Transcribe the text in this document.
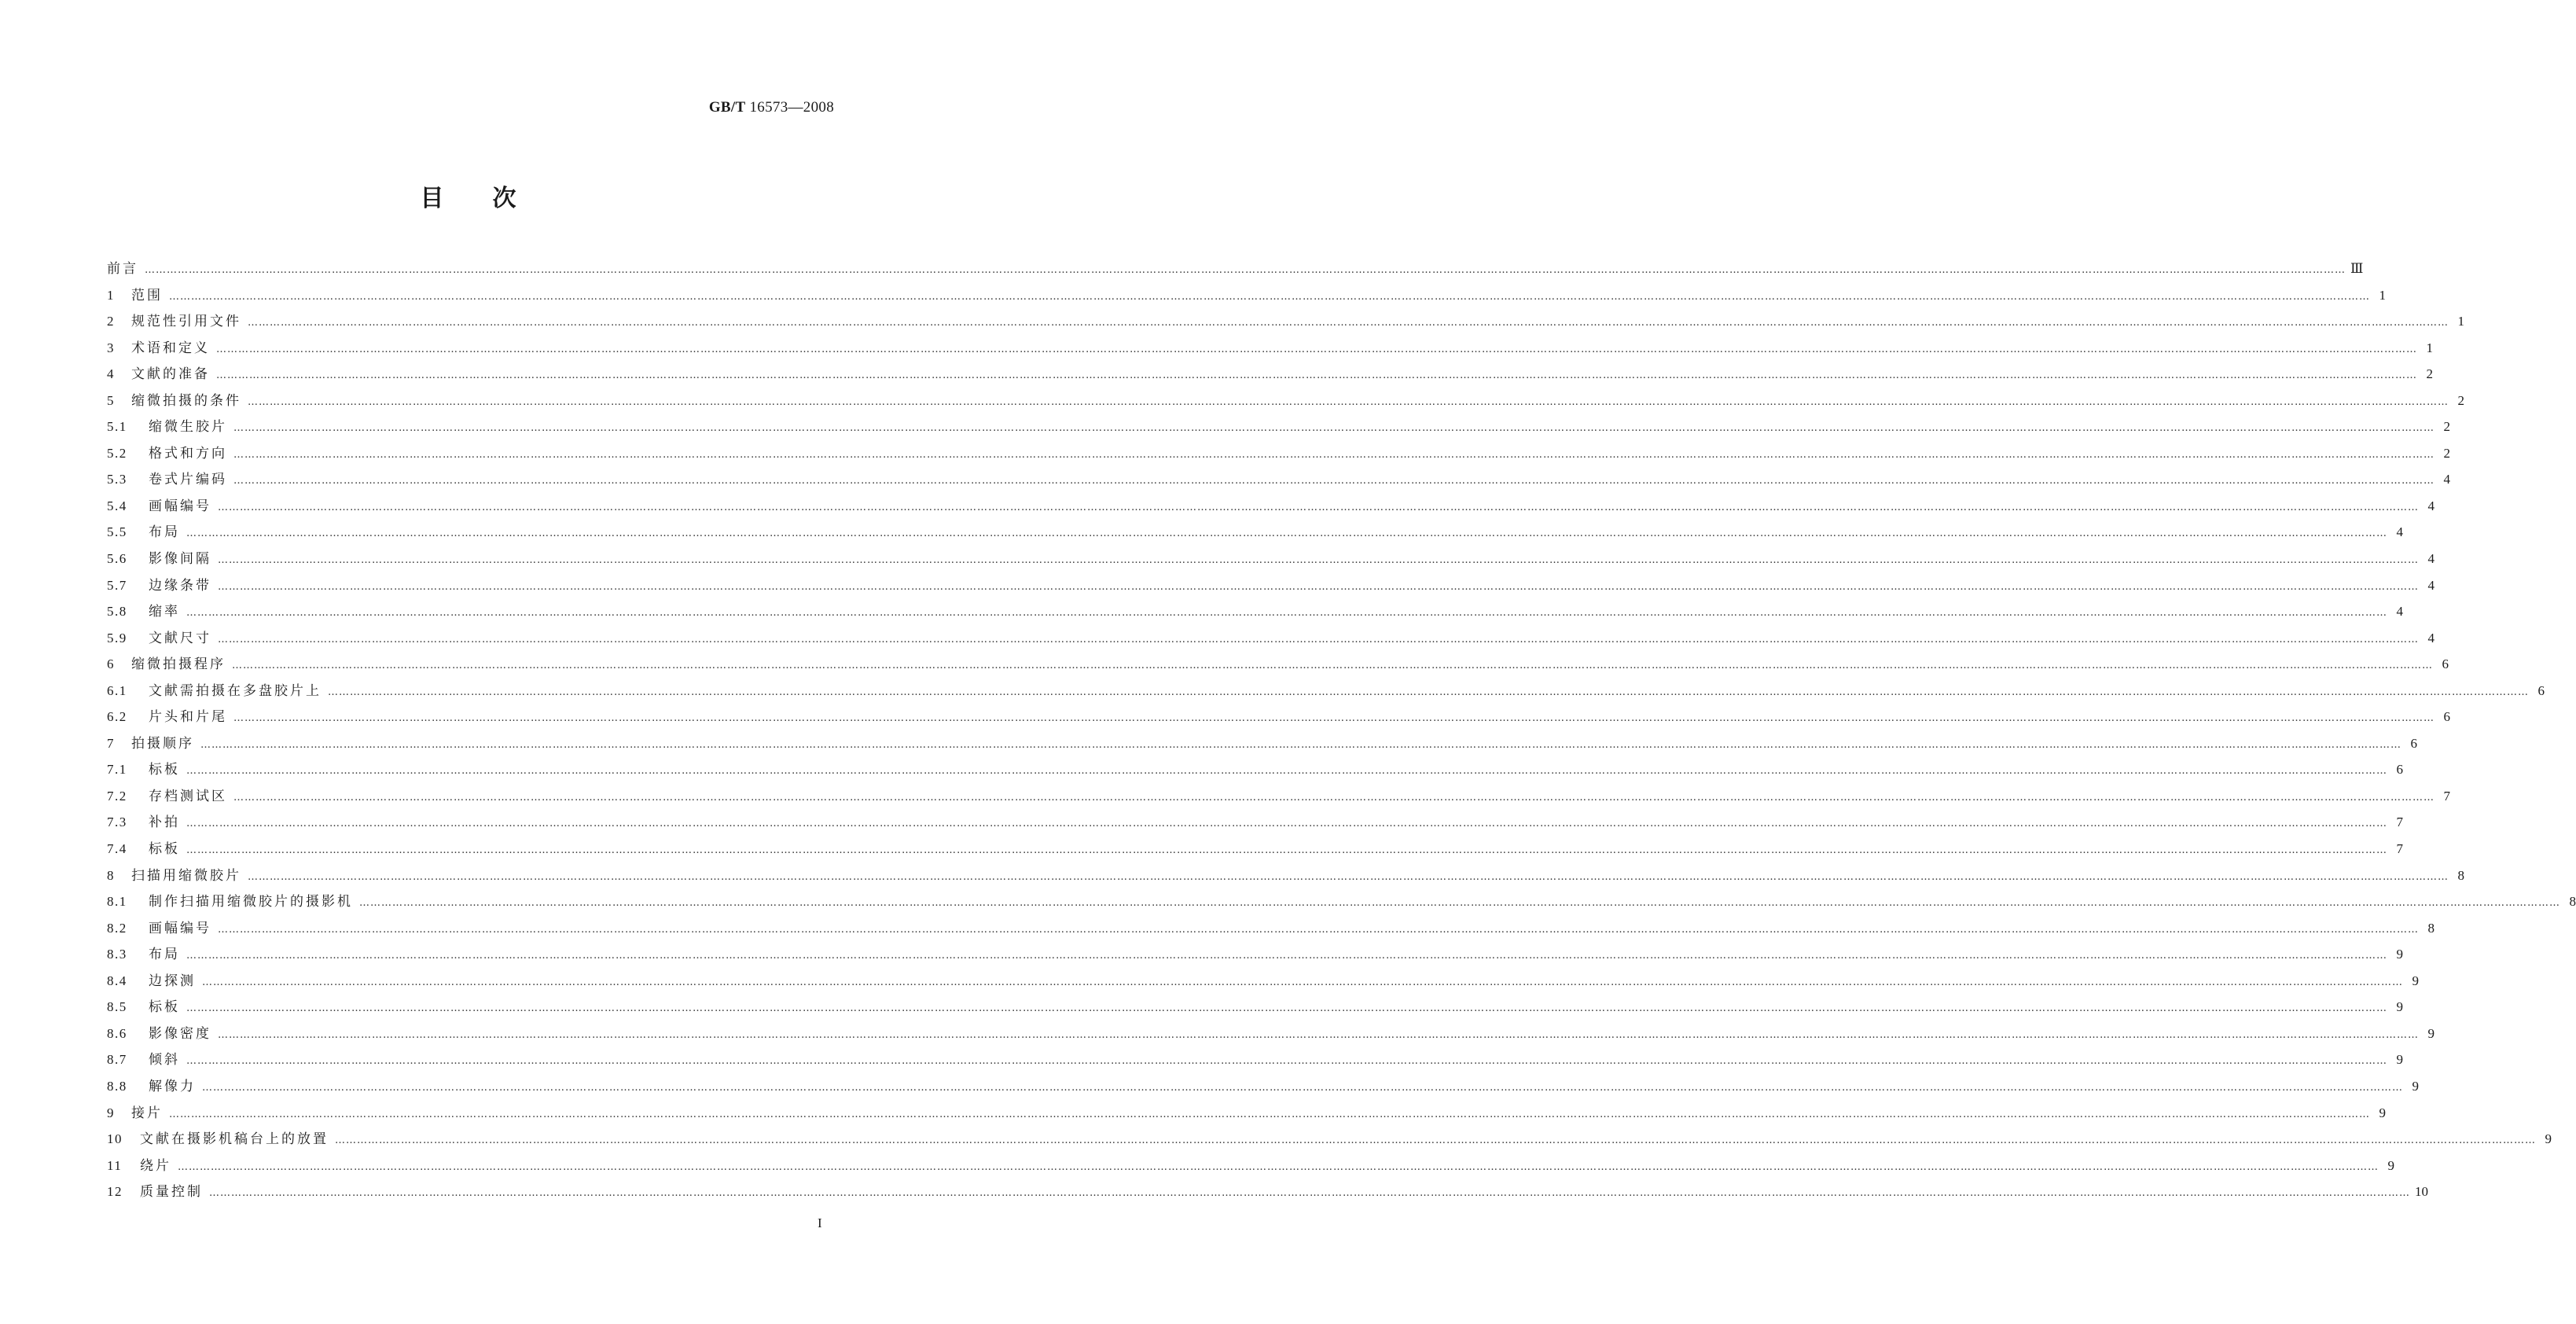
GB/T 16573—2008
目次
前言 …………………………………………………………………………………………………………………………………………………………………………………………………………………………………………………………………………………………………………………………………………………………………………………………………………………………………………………………………………………………………………………………………………………… Ⅲ
1	范围 …………………………………………………………………………………………………………………………………………………………………………………………………………………………………………………………………………………………………………………………………………………………………………………………………………………………………………………………………………………………………………………………………………………… 1
2	规范性引用文件 …………………………………………………………………………………………………………………………………………………………………………………………………………………………………………………………………………………………………………………………………………………………………………………………………………………………………………………………………………………………………………………………………………………… 1
3	术语和定义 …………………………………………………………………………………………………………………………………………………………………………………………………………………………………………………………………………………………………………………………………………………………………………………………………………………………………………………………………………………………………………………………………………………… 1
4	文献的准备 …………………………………………………………………………………………………………………………………………………………………………………………………………………………………………………………………………………………………………………………………………………………………………………………………………………………………………………………………………………………………………………………………………………… 2
5	缩微拍摄的条件 …………………………………………………………………………………………………………………………………………………………………………………………………………………………………………………………………………………………………………………………………………………………………………………………………………………………………………………………………………………………………………………………………………………… 2
5.1	缩微生胶片 …………………………………………………………………………………………………………………………………………………………………………………………………………………………………………………………………………………………………………………………………………………………………………………………………………………………………………………………………………………………………………………………………………………… 2
5.2	格式和方向 …………………………………………………………………………………………………………………………………………………………………………………………………………………………………………………………………………………………………………………………………………………………………………………………………………………………………………………………………………………………………………………………………………………… 2
5.3	卷式片编码 …………………………………………………………………………………………………………………………………………………………………………………………………………………………………………………………………………………………………………………………………………………………………………………………………………………………………………………………………………………………………………………………………………………… 4
5.4	画幅编号 …………………………………………………………………………………………………………………………………………………………………………………………………………………………………………………………………………………………………………………………………………………………………………………………………………………………………………………………………………………………………………………………………………………… 4
5.5	布局 …………………………………………………………………………………………………………………………………………………………………………………………………………………………………………………………………………………………………………………………………………………………………………………………………………………………………………………………………………………………………………………………………………………… 4
5.6	影像间隔 …………………………………………………………………………………………………………………………………………………………………………………………………………………………………………………………………………………………………………………………………………………………………………………………………………………………………………………………………………………………………………………………………………………… 4
5.7	边缘条带 …………………………………………………………………………………………………………………………………………………………………………………………………………………………………………………………………………………………………………………………………………………………………………………………………………………………………………………………………………………………………………………………………………………… 4
5.8	缩率 …………………………………………………………………………………………………………………………………………………………………………………………………………………………………………………………………………………………………………………………………………………………………………………………………………………………………………………………………………………………………………………………………………………… 4
5.9	文献尺寸 …………………………………………………………………………………………………………………………………………………………………………………………………………………………………………………………………………………………………………………………………………………………………………………………………………………………………………………………………………………………………………………………………………………… 4
6	缩微拍摄程序 …………………………………………………………………………………………………………………………………………………………………………………………………………………………………………………………………………………………………………………………………………………………………………………………………………………………………………………………………………………………………………………………………………………… 6
6.1	文献需拍摄在多盘胶片上 …………………………………………………………………………………………………………………………………………………………………………………………………………………………………………………………………………………………………………………………………………………………………………………………………………………………………………………………………………………………………………………………………………………… 6
6.2	片头和片尾 …………………………………………………………………………………………………………………………………………………………………………………………………………………………………………………………………………………………………………………………………………………………………………………………………………………………………………………………………………………………………………………………………………………… 6
7	拍摄顺序 …………………………………………………………………………………………………………………………………………………………………………………………………………………………………………………………………………………………………………………………………………………………………………………………………………………………………………………………………………………………………………………………………………………… 6
7.1	标板 …………………………………………………………………………………………………………………………………………………………………………………………………………………………………………………………………………………………………………………………………………………………………………………………………………………………………………………………………………………………………………………………………………………… 6
7.2	存档测试区 …………………………………………………………………………………………………………………………………………………………………………………………………………………………………………………………………………………………………………………………………………………………………………………………………………………………………………………………………………………………………………………………………………………… 7
7.3	补拍 …………………………………………………………………………………………………………………………………………………………………………………………………………………………………………………………………………………………………………………………………………………………………………………………………………………………………………………………………………………………………………………………………………………… 7
7.4	标板 …………………………………………………………………………………………………………………………………………………………………………………………………………………………………………………………………………………………………………………………………………………………………………………………………………………………………………………………………………………………………………………………………………………… 7
8	扫描用缩微胶片 …………………………………………………………………………………………………………………………………………………………………………………………………………………………………………………………………………………………………………………………………………………………………………………………………………………………………………………………………………………………………………………………………………………… 8
8.1	制作扫描用缩微胶片的摄影机 …………………………………………………………………………………………………………………………………………………………………………………………………………………………………………………………………………………………………………………………………………………………………………………………………………………………………………………………………………………………………………………………………………………… 8
8.2	画幅编号 …………………………………………………………………………………………………………………………………………………………………………………………………………………………………………………………………………………………………………………………………………………………………………………………………………………………………………………………………………………………………………………………………………………… 8
8.3	布局 …………………………………………………………………………………………………………………………………………………………………………………………………………………………………………………………………………………………………………………………………………………………………………………………………………………………………………………………………………………………………………………………………………………… 9
8.4	边探测 …………………………………………………………………………………………………………………………………………………………………………………………………………………………………………………………………………………………………………………………………………………………………………………………………………………………………………………………………………………………………………………………………………………… 9
8.5	标板 …………………………………………………………………………………………………………………………………………………………………………………………………………………………………………………………………………………………………………………………………………………………………………………………………………………………………………………………………………………………………………………………………………………… 9
8.6	影像密度 …………………………………………………………………………………………………………………………………………………………………………………………………………………………………………………………………………………………………………………………………………………………………………………………………………………………………………………………………………………………………………………………………………………… 9
8.7	倾斜 …………………………………………………………………………………………………………………………………………………………………………………………………………………………………………………………………………………………………………………………………………………………………………………………………………………………………………………………………………………………………………………………………………………… 9
8.8	解像力 …………………………………………………………………………………………………………………………………………………………………………………………………………………………………………………………………………………………………………………………………………………………………………………………………………………………………………………………………………………………………………………………………………………… 9
9	接片 …………………………………………………………………………………………………………………………………………………………………………………………………………………………………………………………………………………………………………………………………………………………………………………………………………………………………………………………………………………………………………………………………………………… 9
10	文献在摄影机稿台上的放置 …………………………………………………………………………………………………………………………………………………………………………………………………………………………………………………………………………………………………………………………………………………………………………………………………………………………………………………………………………………………………………………………………………………… 9
11	绕片 …………………………………………………………………………………………………………………………………………………………………………………………………………………………………………………………………………………………………………………………………………………………………………………………………………………………………………………………………………………………………………………………………………………… 9
12	质量控制 …………………………………………………………………………………………………………………………………………………………………………………………………………………………………………………………………………………………………………………………………………………………………………………………………………………………………………………………………………………………………………………………………………………… 10
I
